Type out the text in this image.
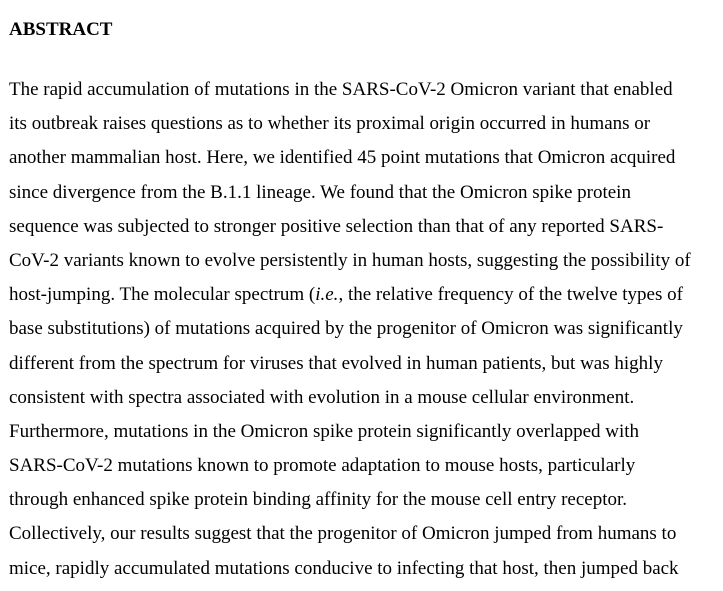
ABSTRACT
The rapid accumulation of mutations in the SARS-CoV-2 Omicron variant that enabled
its outbreak raises questions as to whether its proximal origin occurred in humans or
another mammalian host. Here, we identified 45 point mutations that Omicron acquired
since divergence from the B.1.1 lineage. We found that the Omicron spike protein
sequence was subjected to stronger positive selection than that of any reported SARS-
CoV-2 variants known to evolve persistently in human hosts, suggesting the possibility of
host-jumping. The molecular spectrum (i.e., the relative frequency of the twelve types of
base substitutions) of mutations acquired by the progenitor of Omicron was significantly
different from the spectrum for viruses that evolved in human patients, but was highly
consistent with spectra associated with evolution in a mouse cellular environment.
Furthermore, mutations in the Omicron spike protein significantly overlapped with
SARS-CoV-2 mutations known to promote adaptation to mouse hosts, particularly
through enhanced spike protein binding affinity for the mouse cell entry receptor.
Collectively, our results suggest that the progenitor of Omicron jumped from humans to
mice, rapidly accumulated mutations conducive to infecting that host, then jumped back
